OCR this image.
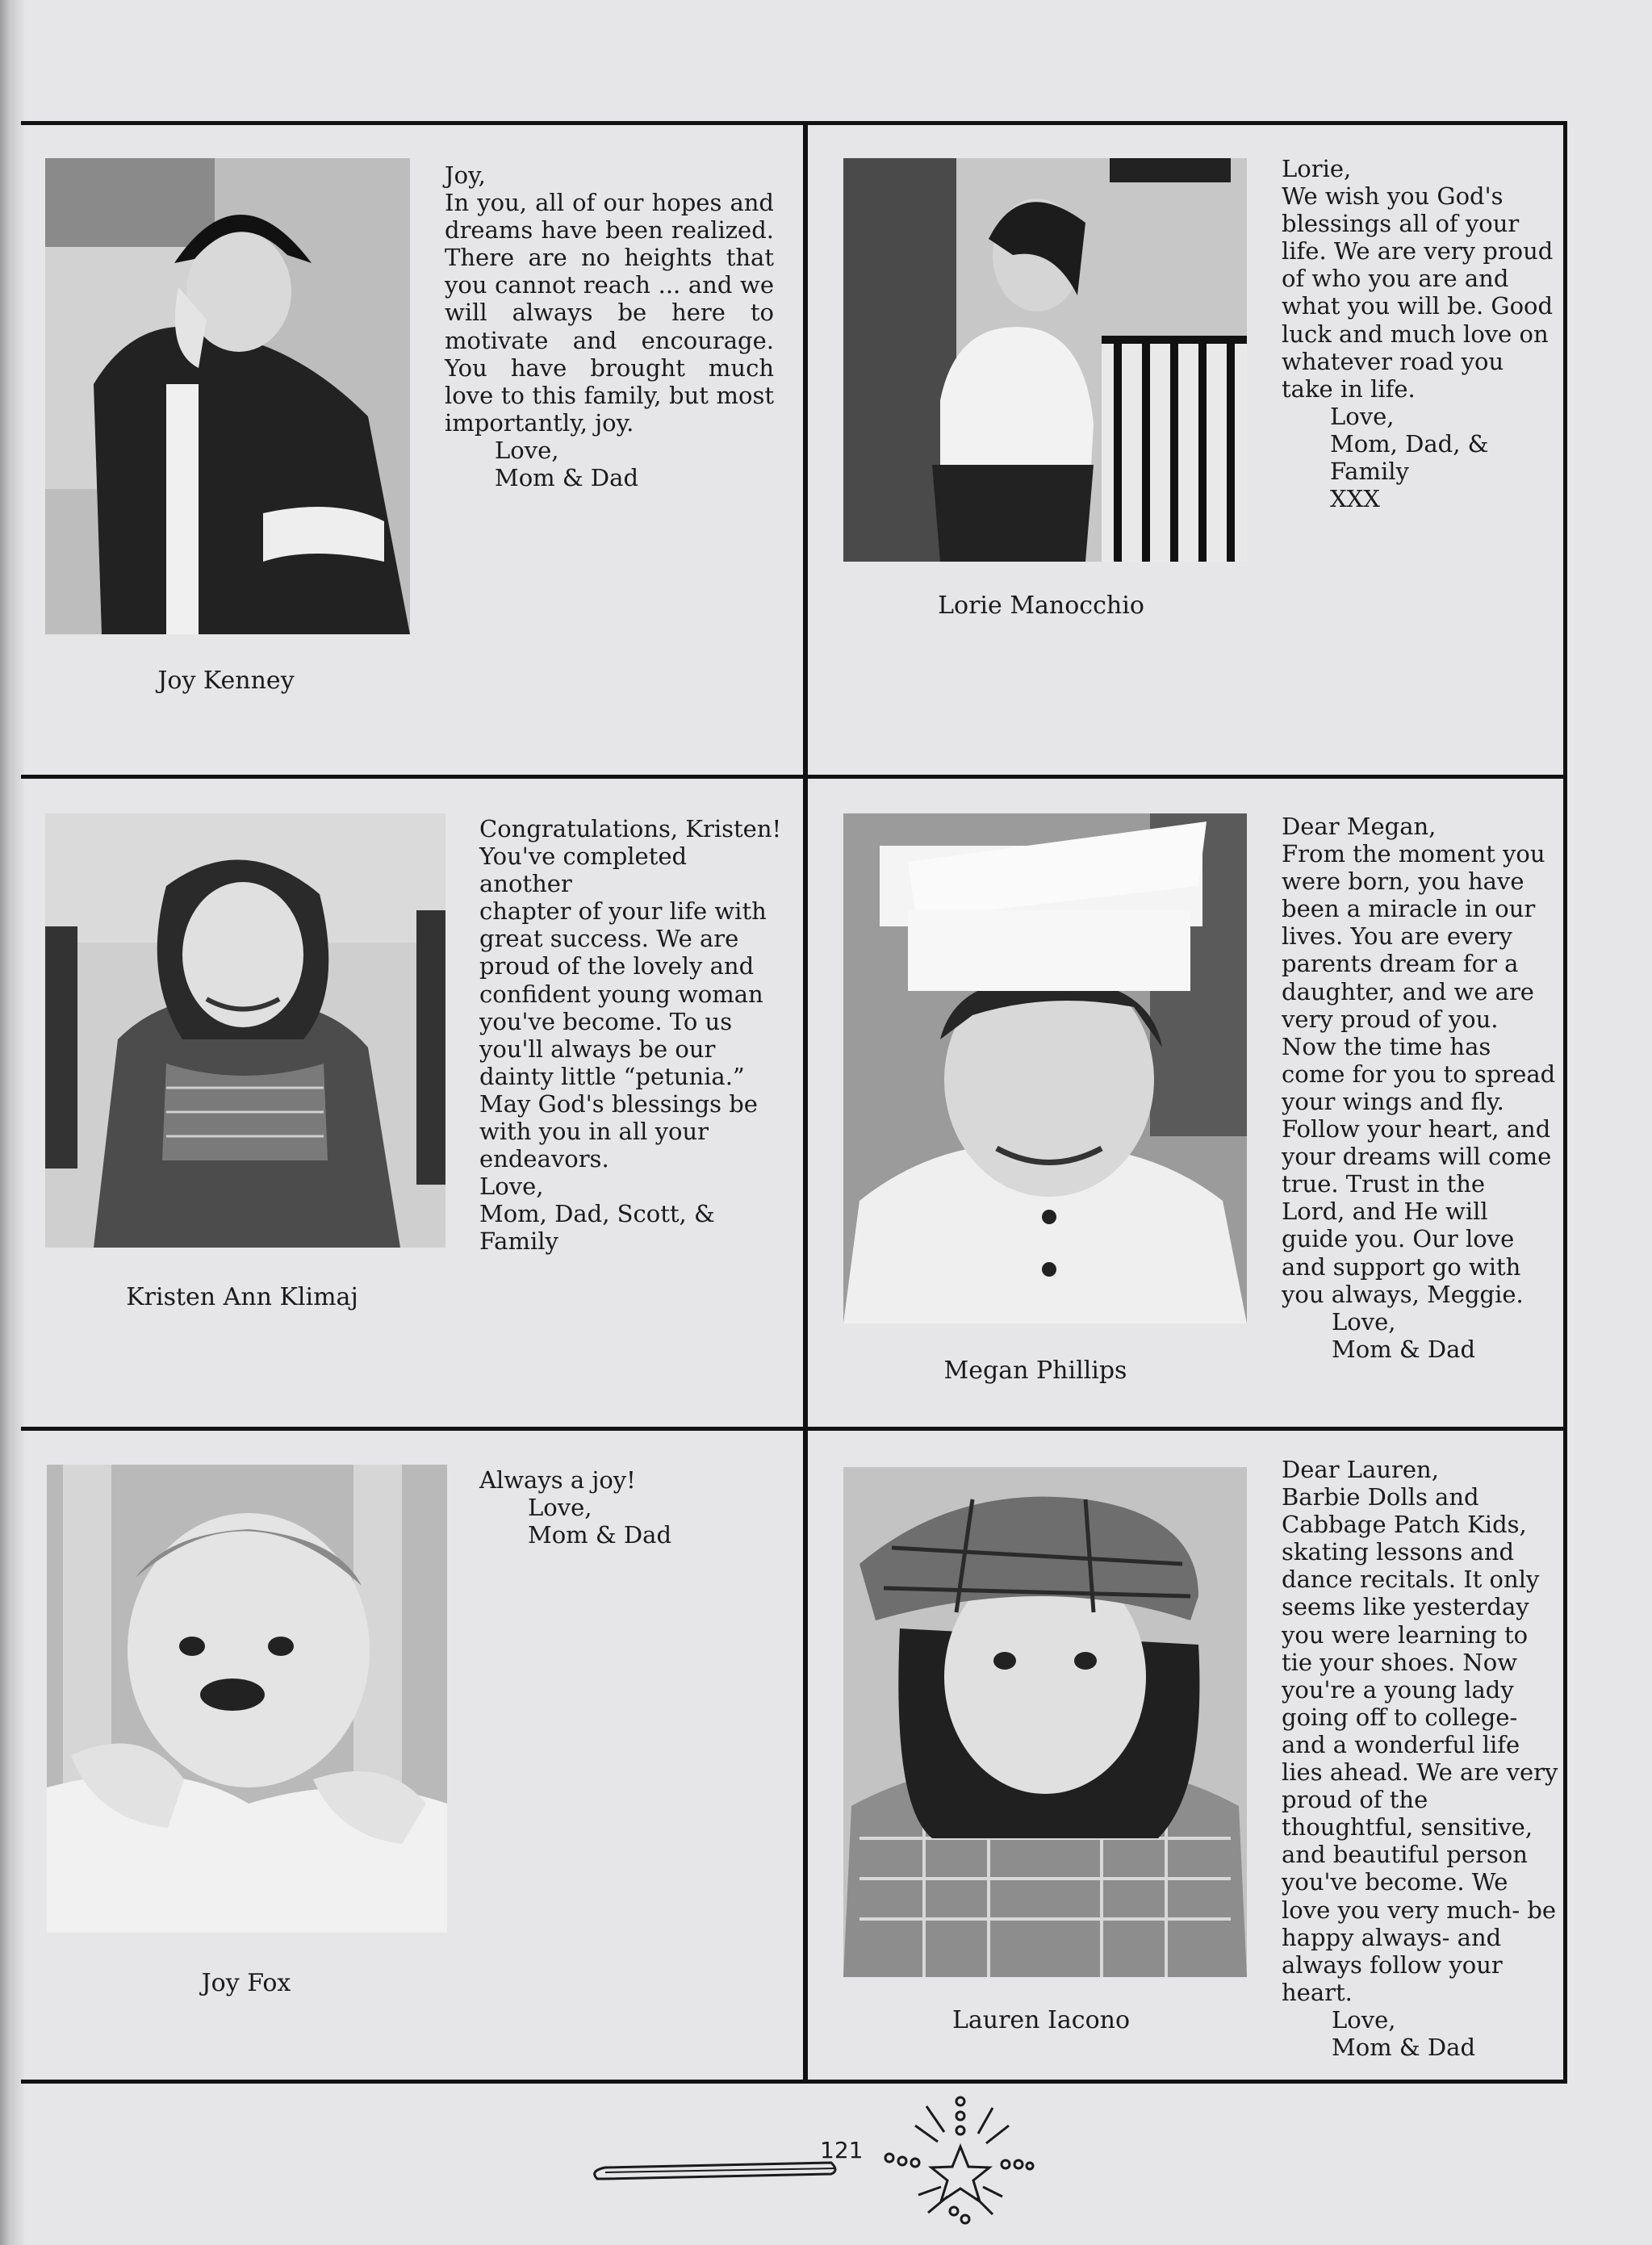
Joy,
In you, all of our hopes and dreams have been realized. There are no heights that you cannot reach ... and we will always be here to motivate and encourage. You have brought much love to this family, but most importantly, joy.
Love,
Mom & Dad

Joy Kenney

Lorie,
We wish you God's
blessings all of your
life. We are very proud
of who you are and
what you will be. Good
luck and much love on
whatever road you
take in life.
Love,
Mom, Dad, &
Family
XXX

Lorie Manocchio

Congratulations, Kristen!
You've completed another
chapter of your life with
great success. We are
proud of the lovely and
confident young woman
you've become. To us
you'll always be our
dainty little “petunia.”
May God's blessings be
with you in all your
endeavors.
Love,
Mom, Dad, Scott, &
Family

Kristen Ann Klimaj

Dear Megan,
From the moment you
were born, you have
been a miracle in our
lives. You are every
parents dream for a
daughter, and we are
very proud of you.
Now the time has
come for you to spread
your wings and fly.
Follow your heart, and
your dreams will come
true. Trust in the
Lord, and He will
guide you. Our love
and support go with
you always, Meggie.
Love,
Mom & Dad

Megan Phillips

Always a joy!
Love,
Mom & Dad

Joy Fox

Dear Lauren,
Barbie Dolls and
Cabbage Patch Kids,
skating lessons and
dance recitals. It only
seems like yesterday
you were learning to
tie your shoes. Now
you're a young lady
going off to college-
and a wonderful life
lies ahead. We are very
proud of the
thoughtful, sensitive,
and beautiful person
you've become. We
love you very much- be
happy always- and
always follow your
heart.
Love,
Mom & Dad

Lauren Iacono
121
